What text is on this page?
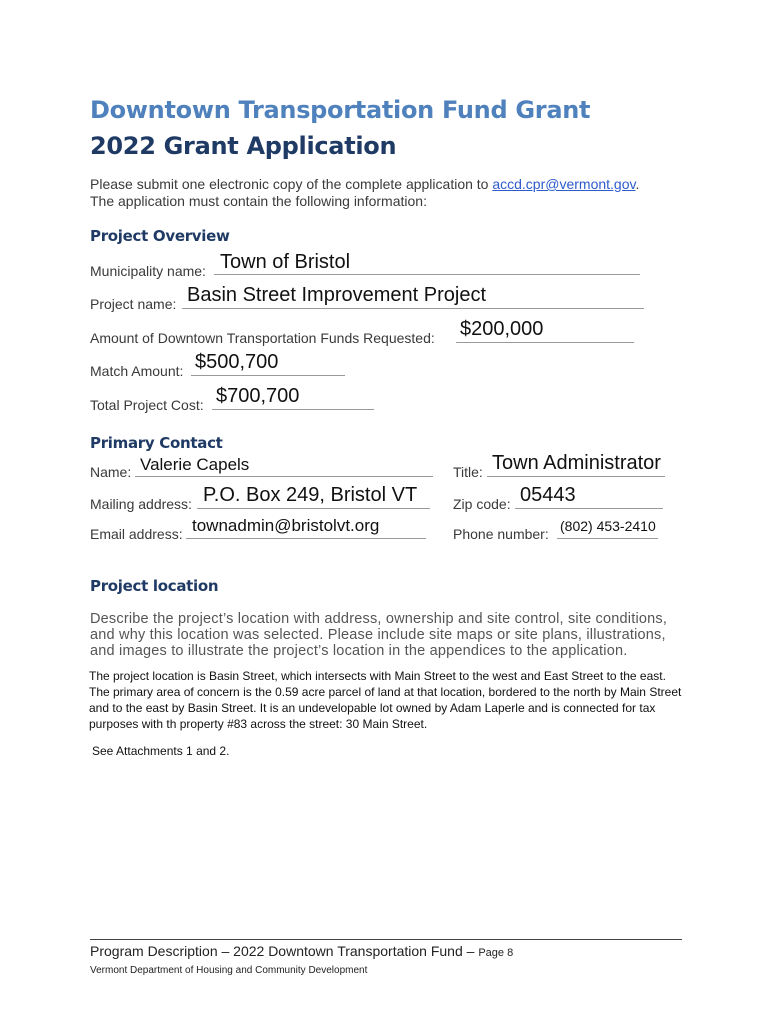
Downtown Transportation Fund Grant
2022 Grant Application
Please submit one electronic copy of the complete application to accd.cpr@vermont.gov.
The application must contain the following information:
Project Overview
Municipality name: Town of Bristol
Project name: Basin Street Improvement Project
Amount of Downtown Transportation Funds Requested: $200,000
Match Amount: $500,700
Total Project Cost: $700,700
Primary Contact
Name: Valerie Capels	Title: Town Administrator
Mailing address: P.O. Box 249, Bristol VT	Zip code: 05443
Email address: townadmin@bristolvt.org	Phone number: (802) 453-2410
Project location
Describe the project’s location with address, ownership and site control, site conditions, and why this location was selected. Please include site maps or site plans, illustrations, and images to illustrate the project’s location in the appendices to the application.
The project location is Basin Street, which intersects with Main Street to the west and East Street to the east. The primary area of concern is the 0.59 acre parcel of land at that location, bordered to the north by Main Street and to the east by Basin Street. It is an undevelopable lot owned by Adam Laperle and is connected for tax purposes with th property #83 across the street: 30 Main Street.
See Attachments 1 and 2.
Program Description – 2022 Downtown Transportation Fund – Page 8
Vermont Department of Housing and Community Development
